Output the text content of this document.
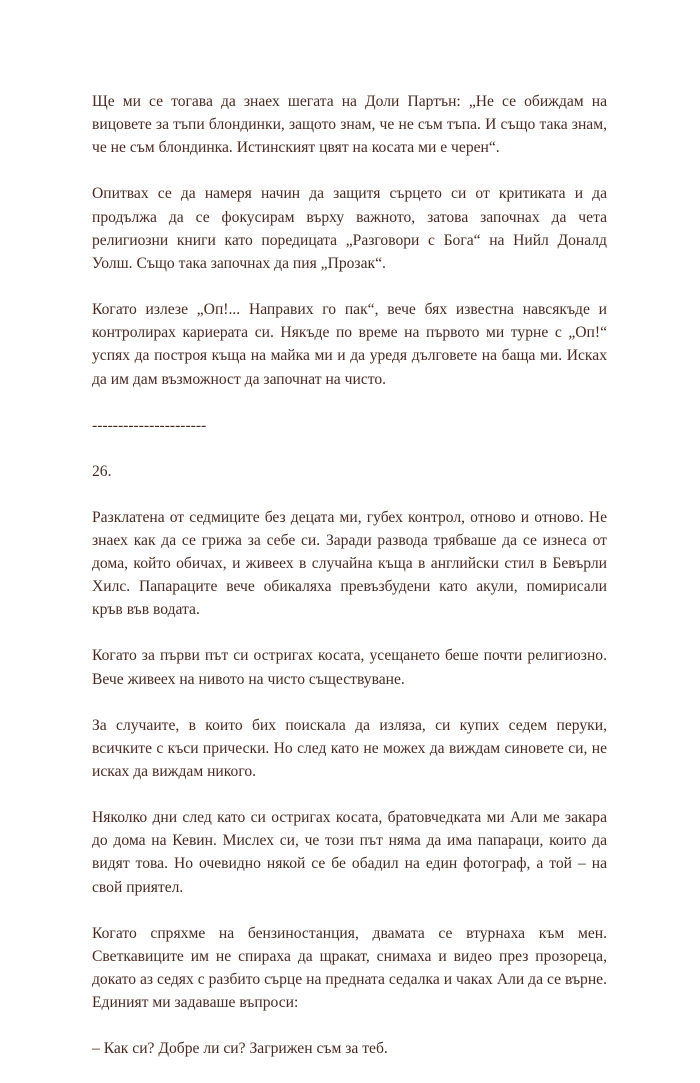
Ще ми се тогава да знаех шегата на Доли Партън: „Не се обиждам на вицовете за тъпи блондинки, защото знам, че не съм тъпа. И също така знам, че не съм блондинка. Истинският цвят на косата ми е черен“.

Опитвах се да намеря начин да защитя сърцето си от критиката и да продължа да се фокусирам върху важното, затова започнах да чета религиозни книги като поредицата „Разговори с Бога“ на Нийл Доналд Уолш. Също така започнах да пия „Прозак“.

Когато излезе „Оп!... Направих го пак“, вече бях известна навсякъде и контролирах кариерата си. Някъде по време на първото ми турне с „Оп!“ успях да построя къща на майка ми и да уредя дълговете на баща ми. Исках да им дам възможност да започнат на чисто.

----------------------
26.

Разклатена от седмиците без децата ми, губех контрол, отново и отново. Не знаех как да се грижа за себе си. Заради развода трябваше да се изнеса от дома, който обичах, и живеех в случайна къща в английски стил в Бевърли Хилс. Папараците вече обикаляха превъзбудени като акули, помирисали кръв във водата.

Когато за първи път си остригах косата, усещането беше почти религиозно. Вече живеех на нивото на чисто съществуване.

За случаите, в които бих поискала да изляза, си купих седем перуки, всичките с къси прически. Но след като не можех да виждам синовете си, не исках да виждам никого.

Няколко дни след като си остригах косата, братовчедката ми Али ме закара до дома на Кевин. Мислех си, че този път няма да има папараци, които да видят това. Но очевидно някой се бе обадил на един фотограф, а той – на свой приятел.

Когато спряхме на бензиностанция, двамата се втурнаха към мен. Светкавиците им не спираха да щракат, снимаха и видео през прозореца, докато аз седях с разбито сърце на предната седалка и чаках Али да се върне. Единият ми задаваше въпроси:

– Как си? Добре ли си? Загрижен съм за теб.
